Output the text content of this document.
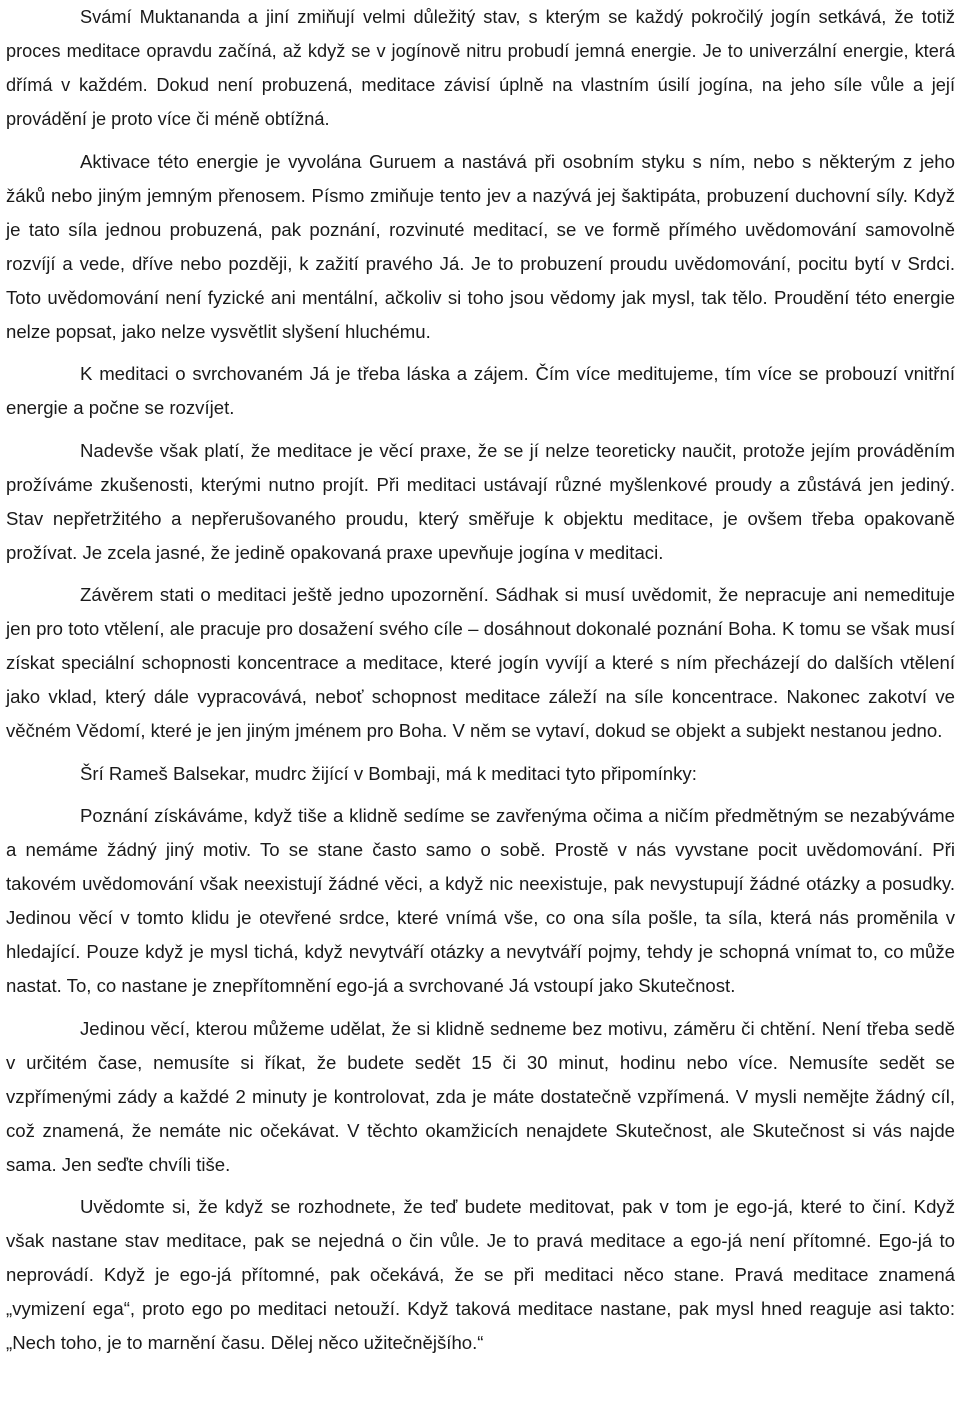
Svámí Muktananda a jiní zmiňují velmi důležitý stav, s kterým se každý pokročilý jogín setkává, že totiž proces meditace opravdu začíná, až když se v jogínově nitru probudí jemná energie. Je to univerzální energie, která dřímá v každém. Dokud není probuzená, meditace závisí úplně na vlastním úsilí jogína, na jeho síle vůle a její provádění je proto více či méně obtížná.

Aktivace této energie je vyvolána Guruem a nastává při osobním styku s ním, nebo s některým z jeho žáků nebo jiným jemným přenosem. Písmo zmiňuje tento jev a nazývá jej šaktipáta, probuzení duchovní síly. Když je tato síla jednou probuzená, pak poznání, rozvinuté meditací, se ve formě přímého uvědomování samovolně rozvíjí a vede, dříve nebo později, k zažití pravého Já. Je to probuzení proudu uvědomování, pocitu bytí v Srdci. Toto uvědomování není fyzické ani mentální, ačkoliv si toho jsou vědomy jak mysl, tak tělo. Proudění této energie nelze popsat, jako nelze vysvětlit slyšení hluchému.

K meditaci o svrchovaném Já je třeba láska a zájem. Čím více meditujeme, tím více se probouzí vnitřní energie a počne se rozvíjet.

Nadevše však platí, že meditace je věcí praxe, že se jí nelze teoreticky naučit, protože jejím prováděním prožíváme zkušenosti, kterými nutno projít. Při meditaci ustávají různé myšlenkové proudy a zůstává jen jediný. Stav nepřetržitého a nepřerušovaného proudu, který směřuje k objektu meditace, je ovšem třeba opakovaně prožívat. Je zcela jasné, že jedině opakovaná praxe upevňuje jogína v meditaci.

Závěrem stati o meditaci ještě jedno upozornění. Sádhak si musí uvědomit, že nepracuje ani nemedituje jen pro toto vtělení, ale pracuje pro dosažení svého cíle – dosáhnout dokonalé poznání Boha. K tomu se však musí získat speciální schopnosti koncentrace a meditace, které jogín vyvíjí a které s ním přecházejí do dalších vtělení jako vklad, který dále vypracovává, neboť schopnost meditace záleží na síle koncentrace. Nakonec zakotví ve věčném Vědomí, které je jen jiným jménem pro Boha. V něm se vytaví, dokud se objekt a subjekt nestanou jedno.

Šrí Rameš Balsekar, mudrc žijící v Bombaji, má k meditaci tyto připomínky:

Poznání získáváme, když tiše a klidně sedíme se zavřenýma očima a ničím předmětným se nezabýváme a nemáme žádný jiný motiv. To se stane často samo o sobě. Prostě v nás vyvstane pocit uvědomování. Při takovém uvědomování však neexistují žádné věci, a když nic neexistuje, pak nevystupují žádné otázky a posudky. Jedinou věcí v tomto klidu je otevřené srdce, které vnímá vše, co ona síla pošle, ta síla, která nás proměnila v hledající. Pouze když je mysl tichá, když nevytváří otázky a nevytváří pojmy, tehdy je schopná vnímat to, co může nastat. To, co nastane je znepřítomnění ego-já a svrchované Já vstoupí jako Skutečnost.

Jedinou věcí, kterou můžeme udělat, že si klidně sedneme bez motivu, záměru či chtění. Není třeba sedě v určitém čase, nemusíte si říkat, že budete sedět 15 či 30 minut, hodinu nebo více. Nemusíte sedět se vzpřímenými zády a každé 2 minuty je kontrolovat, zda je máte dostatečně vzpřímená. V mysli nemějte žádný cíl, což znamená, že nemáte nic očekávat. V těchto okamžicích nenajdete Skutečnost, ale Skutečnost si vás najde sama. Jen seďte chvíli tiše.

Uvědomte si, že když se rozhodnete, že teď budete meditovat, pak v tom je ego-já, které to činí. Když však nastane stav meditace, pak se nejedná o čin vůle. Je to pravá meditace a ego-já není přítomné. Ego-já to neprovádí. Když je ego-já přítomné, pak očekává, že se při meditaci něco stane. Pravá meditace znamená „vymizení ega“, proto ego po meditaci netouží. Když taková meditace nastane, pak mysl hned reaguje asi takto: „Nech toho, je to marnění času. Dělej něco užitečnějšího.“
